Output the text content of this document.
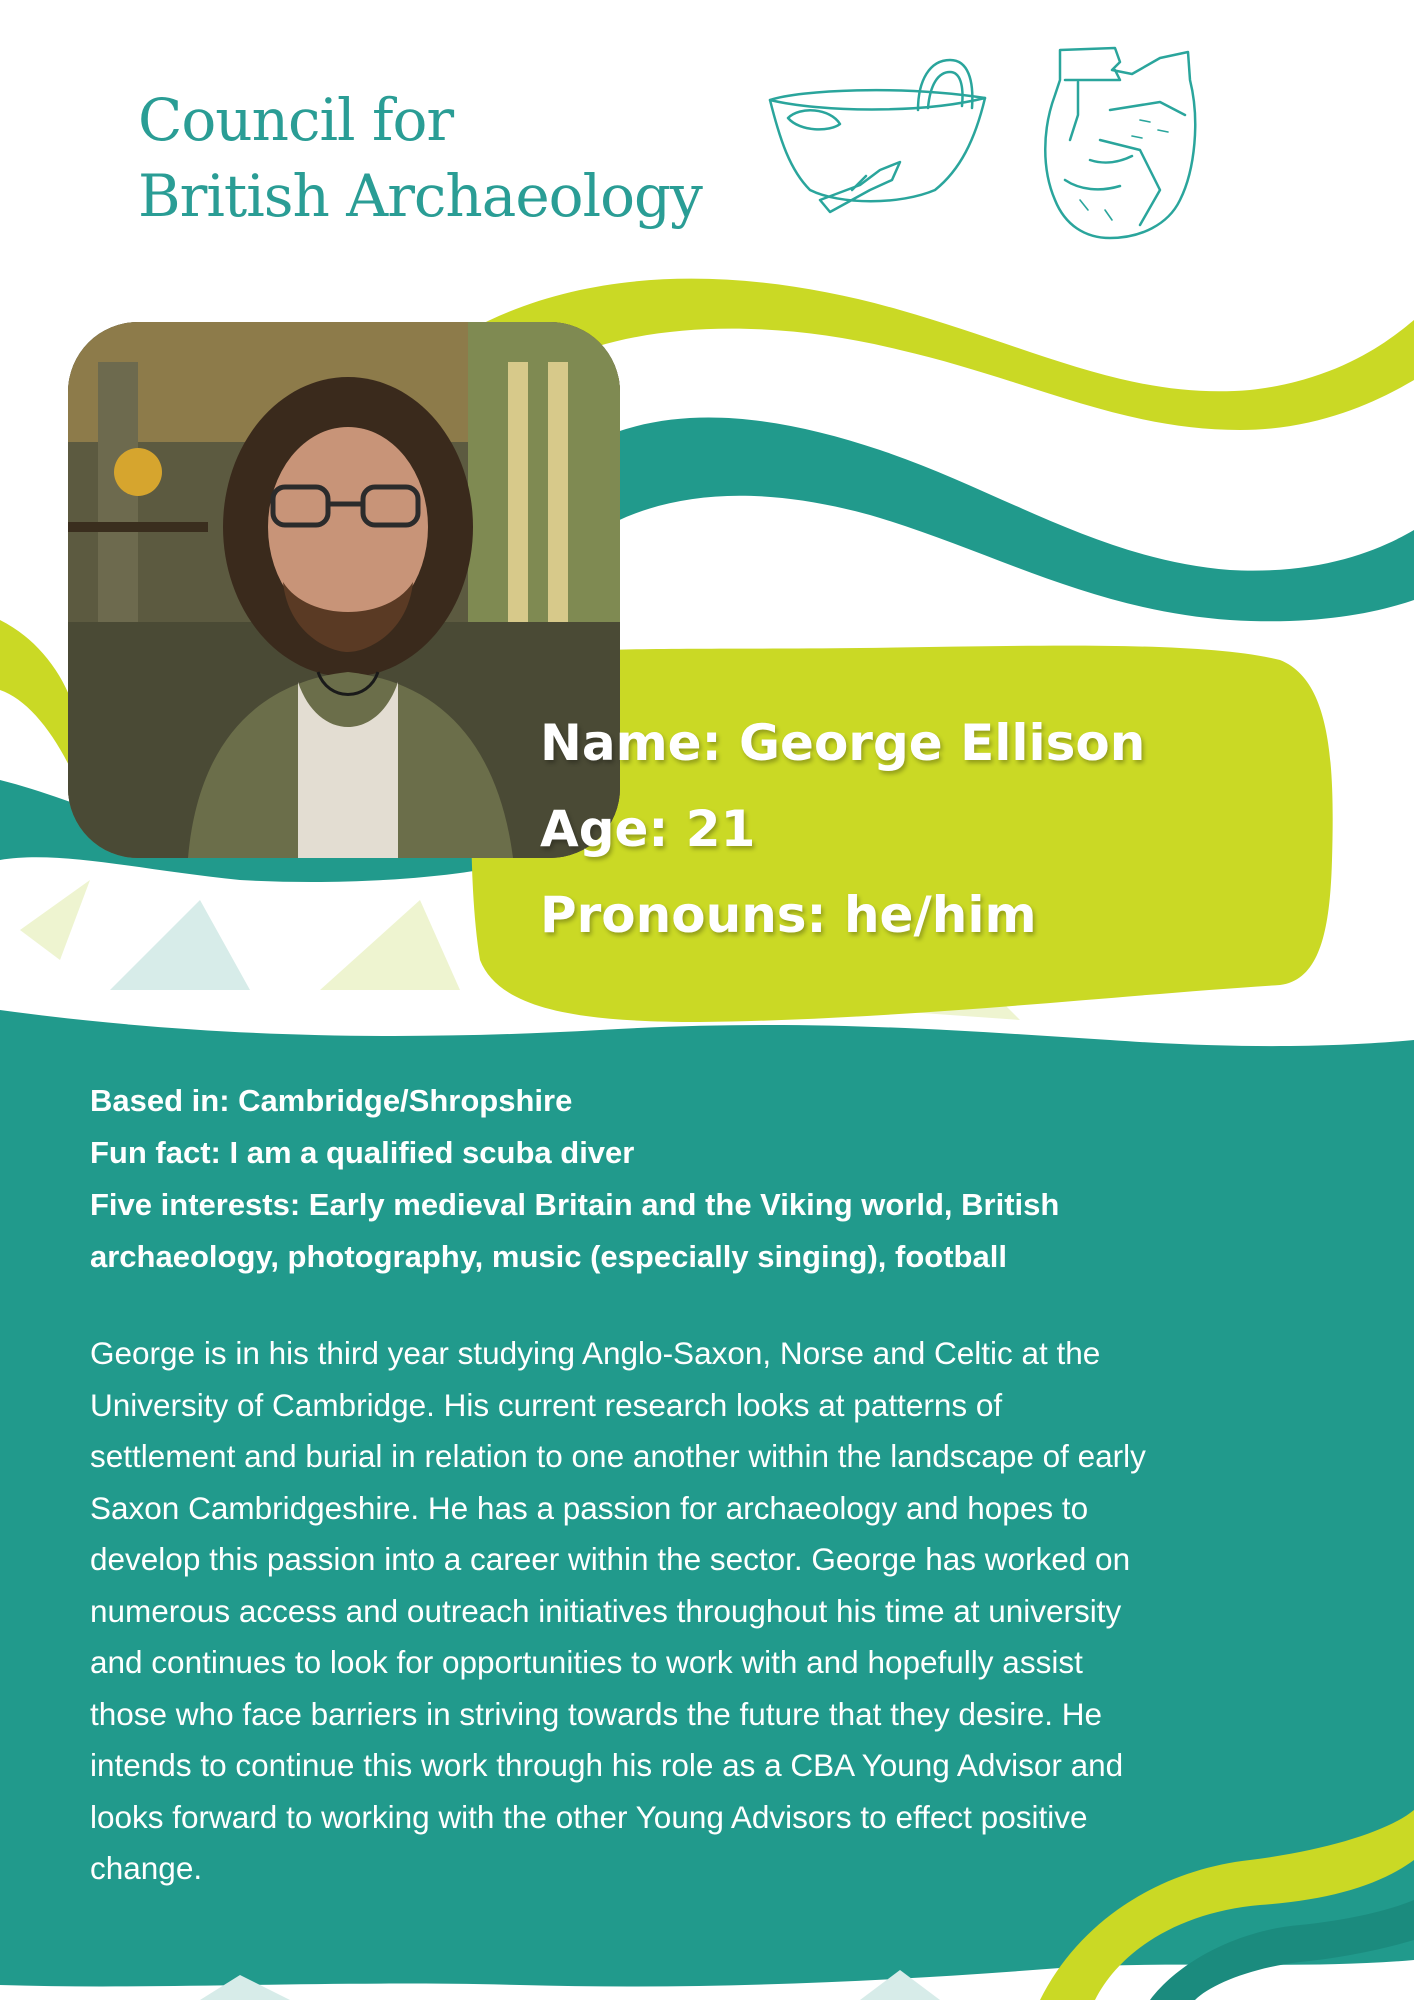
Council for
British Archaeology
Name: George Ellison
Age: 21
Pronouns: he/him
Based in: Cambridge/Shropshire
Fun fact: I am a qualified scuba diver
Five interests: Early medieval Britain and the Viking world, British
archaeology, photography, music (especially singing), football
George is in his third year studying Anglo-Saxon, Norse and Celtic at the
University of Cambridge. His current research looks at patterns of
settlement and burial in relation to one another within the landscape of early
Saxon Cambridgeshire. He has a passion for archaeology and hopes to
develop this passion into a career within the sector. George has worked on
numerous access and outreach initiatives throughout his time at university
and continues to look for opportunities to work with and hopefully assist
those who face barriers in striving towards the future that they desire. He
intends to continue this work through his role as a CBA Young Advisor and
looks forward to working with the other Young Advisors to effect positive
change.
